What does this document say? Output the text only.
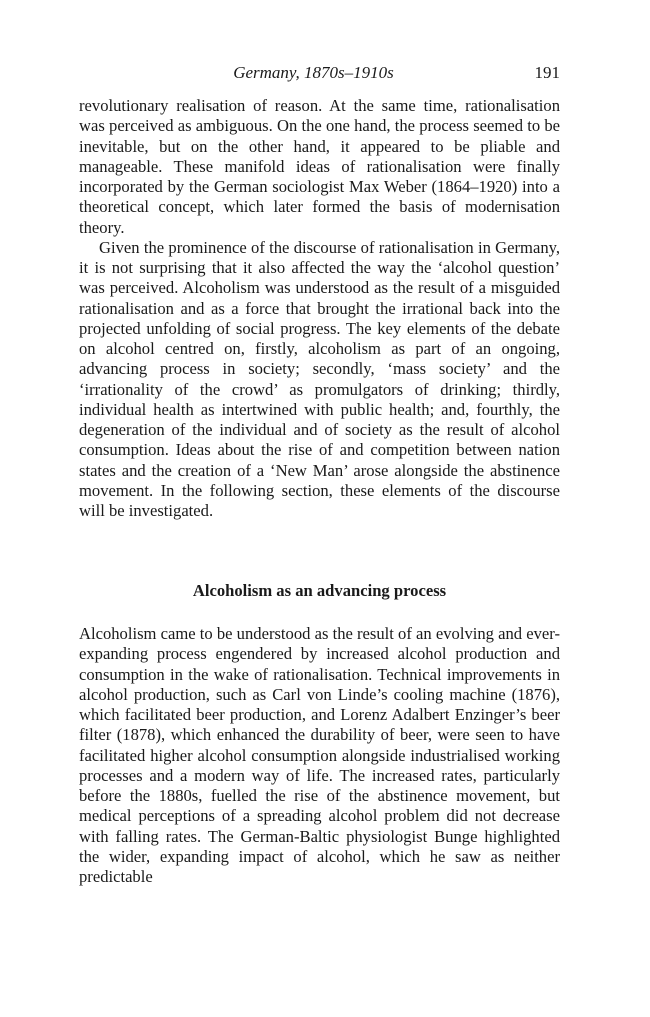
Germany, 1870s–1910s	191

revolutionary realisation of reason. At the same time, rationalisation was perceived as ambiguous. On the one hand, the process seemed to be inevitable, but on the other hand, it appeared to be pliable and manageable. These manifold ideas of rationalisation were finally incorporated by the German sociologist Max Weber (1864–1920) into a theoretical concept, which later formed the basis of modernisation theory.

Given the prominence of the discourse of rationalisation in Germany, it is not surprising that it also affected the way the ‘alcohol question’ was perceived. Alcoholism was understood as the result of a misguided rationalisation and as a force that brought the irrational back into the projected unfolding of social progress. The key elements of the debate on alcohol centred on, firstly, alcoholism as part of an ongoing, advancing process in society; secondly, ‘mass society’ and the ‘irrationality of the crowd’ as promulgators of drinking; thirdly, individual health as intertwined with public health; and, fourthly, the degeneration of the individual and of society as the result of alcohol consumption. Ideas about the rise of and competition between nation states and the creation of a ‘New Man’ arose alongside the abstinence movement. In the following section, these elements of the discourse will be investigated.

Alcoholism as an advancing process

Alcoholism came to be understood as the result of an evolving and ever-expanding process engendered by increased alcohol production and consumption in the wake of rationalisation. Technical improvements in alcohol production, such as Carl von Linde’s cooling machine (1876), which facilitated beer production, and Lorenz Adalbert Enzinger’s beer filter (1878), which enhanced the durability of beer, were seen to have facilitated higher alcohol consumption alongside industrialised working processes and a modern way of life. The increased rates, particularly before the 1880s, fuelled the rise of the abstinence movement, but medical perceptions of a spreading alcohol problem did not decrease with falling rates. The German-Baltic physiologist Bunge highlighted the wider, expanding impact of alcohol, which he saw as neither predictable
